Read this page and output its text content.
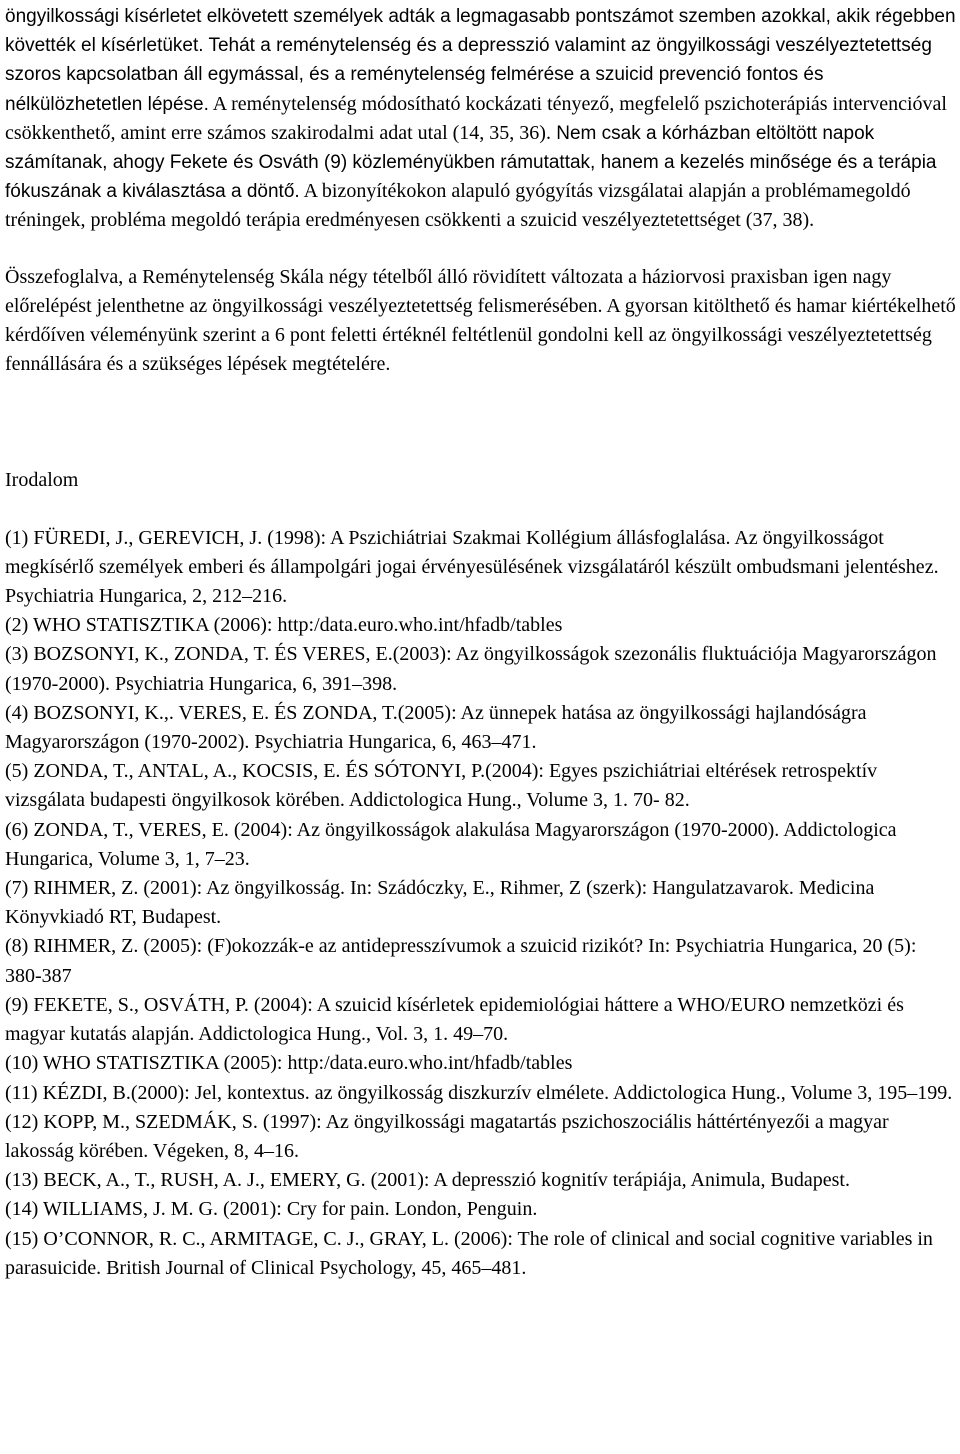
öngyilkossági kísérletet elkövetett személyek adták a legmagasabb pontszámot szemben azokkal, akik régebben követték el kísérletüket. Tehát a reménytelenség és a depresszió valamint az öngyilkossági veszélyeztetettség szoros kapcsolatban áll egymással, és a reménytelenség felmérése a szuicid prevenció fontos és nélkülözhetetlen lépése. A reménytelenség módosítható kockázati tényező, megfelelő pszichoterápiás intervencióval csökkenthető, amint erre számos szakirodalmi adat utal (14, 35, 36). Nem csak a kórházban eltöltött napok számítanak, ahogy Fekete és Osváth (9) közleményükben rámutattak, hanem a kezelés minősége és a terápia fókuszának a kiválasztása a döntő. A bizonyítékokon alapuló gyógyítás vizsgálatai alapján a problémamegoldó tréningek, probléma megoldó terápia eredményesen csökkenti a szuicid veszélyeztetettséget (37, 38).

Összefoglalva, a Reménytelenség Skála négy tételből álló rövidített változata a háziorvosi praxisban igen nagy előrelépést jelenthetne az öngyilkossági veszélyeztetettség felismerésében. A gyorsan kitölthető és hamar kiértékelhető kérdőíven véleményünk szerint a 6 pont feletti értéknél feltétlenül gondolni kell az öngyilkossági veszélyeztetettség fennállására és a szükséges lépések megtételére.

Irodalom

(1) FÜREDI, J., GEREVICH, J. (1998): A Pszichiátriai Szakmai Kollégium állásfoglalása. Az öngyilkosságot megkísérlő személyek emberi és állampolgári jogai érvényesülésének vizsgálatáról készült ombudsmani jelentéshez. Psychiatria Hungarica, 2, 212–216.

(2) WHO STATISZTIKA (2006): http:/data.euro.who.int/hfadb/tables

(3) BOZSONYI, K., ZONDA, T. ÉS VERES, E.(2003): Az öngyilkosságok szezonális fluktuációja Magyarországon (1970-2000). Psychiatria Hungarica, 6, 391–398.

(4) BOZSONYI, K.,. VERES, E. ÉS ZONDA, T.(2005): Az ünnepek hatása az öngyilkossági hajlandóságra Magyarországon (1970-2002). Psychiatria Hungarica, 6, 463–471.

(5) ZONDA, T., ANTAL, A., KOCSIS, E. ÉS SÓTONYI, P.(2004): Egyes pszichiátriai eltérések retrospektív vizsgálata budapesti öngyilkosok körében. Addictologica Hung., Volume 3, 1. 70- 82.

(6) ZONDA, T., VERES, E. (2004): Az öngyilkosságok alakulása Magyarországon (1970-2000). Addictologica Hungarica, Volume 3, 1, 7–23.

(7) RIHMER, Z. (2001): Az öngyilkosság. In: Szádóczky, E., Rihmer, Z (szerk): Hangulatzavarok. Medicina Könyvkiadó RT, Budapest.

(8) RIHMER, Z. (2005): (F)okozzák-e az antidepresszívumok a szuicid rizikót? In: Psychiatria Hungarica, 20 (5): 380-387

(9) FEKETE, S., OSVÁTH, P. (2004): A szuicid kísérletek epidemiológiai háttere a WHO/EURO nemzetközi és magyar kutatás alapján. Addictologica Hung., Vol. 3, 1. 49–70.

(10) WHO STATISZTIKA (2005): http:/data.euro.who.int/hfadb/tables

(11) KÉZDI, B.(2000): Jel, kontextus. az öngyilkosság diszkurzív elmélete. Addictologica Hung., Volume 3, 195–199.

(12) KOPP, M., SZEDMÁK, S. (1997): Az öngyilkossági magatartás pszichoszociális háttértényezői a magyar lakosság körében. Végeken, 8, 4–16.

(13) BECK, A., T., RUSH, A. J., EMERY, G. (2001): A depresszió kognitív terápiája, Animula, Budapest.

(14) WILLIAMS, J. M. G. (2001): Cry for pain. London, Penguin.

(15) O’CONNOR, R. C., ARMITAGE, C. J., GRAY, L. (2006): The role of clinical and social cognitive variables in parasuicide. British Journal of Clinical Psychology, 45, 465–481.
